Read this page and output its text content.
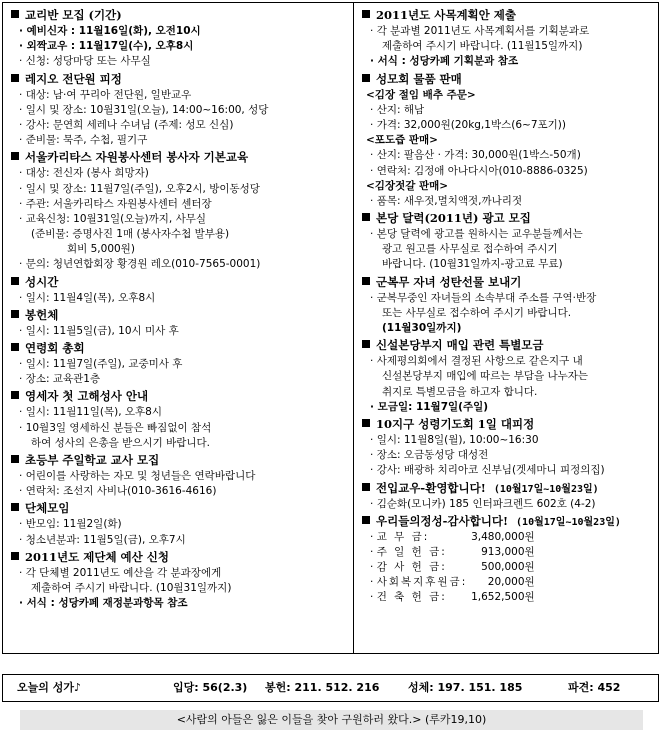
교리반 모집 (기간)
· 예비신자 : 11월16일(화), 오전10시
· 외짝교우 : 11월17일(수), 오후8시
· 신청: 성당마당 또는 사무실
레지오 전단원 피정
· 대상: 남·여 꾸리아 전단원, 일반교우
· 일시 및 장소: 10월31일(오늘), 14:00~16:00, 성당
· 강사: 문연희 세레나 수녀님 (주제: 성모 신심)
· 준비물: 묵주, 수첩, 필기구
서울카리타스 자원봉사센터 봉사자 기본교육
· 대상: 전신자 (봉사 희망자)
· 일시 및 장소: 11월7일(주일), 오후2시, 방이동성당
· 주관: 서울카리타스 자원봉사센터 센터장
· 교육신청: 10월31일(오늘)까지, 사무실
(준비물: 증명사진 1매 (봉사자수첩 발부용)
회비 5,000원)
· 문의: 청년연합회장 황경원 레오(010-7565-0001)
성시간
· 일시: 11월4일(목), 오후8시
봉헌체
· 일시: 11월5일(금), 10시 미사 후
연령회 총회
· 일시: 11월7일(주일), 교중미사 후
· 장소: 교육관1층
영세자 첫 고해성사 안내
· 일시: 11월11일(목), 오후8시
· 10월3일 영세하신 분들은 빠짐없이 참석
하여 성사의 은총을 받으시기 바랍니다.
초등부 주일학교 교사 모집
· 어린이를 사랑하는 자모 및 청년들은 연락바랍니다
· 연락처: 조선지 사비나(010-3616-4616)
단체모임
· 반모임: 11월2일(화)
· 청소년분과: 11월5일(금), 오후7시
2011년도 제단체 예산 신청
· 각 단체별 2011년도 예산을 각 분과장에게
제출하여 주시기 바랍니다. (10월31일까지)
· 서식 : 성당카페 재정분과항목 참조
2011년도 사목계획안 제출
· 각 분과별 2011년도 사목계획서를 기획분과로
제출하여 주시기 바랍니다. (11월15일까지)
· 서식 : 성당카페 기획분과 참조
성모회 물품 판매
<김장 절임 배추 주문>
· 산지: 해남
· 가격: 32,000원(20kg,1박스(6~7포기))
<포도즙 판매>
· 산지: 팔음산 · 가격: 30,000원(1박스-50개)
· 연락처: 김정애 아나다시아(010-8886-0325)
<김장젓갈 판매>
· 품목: 새우젓,멸치액젓,까나리젓
본당 달력(2011년) 광고 모집
· 본당 달력에 광고를 원하시는 교우분들께서는
광고 원고를 사무실로 접수하여 주시기
바랍니다. (10월31일까지-광고료 무료)
군복무 자녀 성탄선물 보내기
· 군복무중인 자녀들의 소속부대 주소를 구역·반장
또는 사무실로 접수하여 주시기 바랍니다.
(11월30일까지)
신설본당부지 매입 관련 특별모금
· 사제평의회에서 결정된 사항으로 같은지구 내
신설본당부지 매입에 따르는 부담을 나누자는
취지로 특별모금을 하고자 합니다.
· 모금일: 11월7일(주일)
10지구 성령기도회 1일 대피정
· 일시: 11월8일(월), 10:00~16:30
· 장소: 오금동성당 대성전
· 강사: 배광하 치리아코 신부님(겟세마니 피정의집)
전입교우-환영합니다! (10월17일~10월23일)
· 김순화(모니카) 185 인터파크렌드 602호 (4-2)
우리들의정성-감사합니다! (10월17일~10월23일)
· 교 무 금:	3,480,000원
· 주 일 헌 금:	913,000원
· 감 사 헌 금:	500,000원
· 사회복지후원금: 20,000원
· 건 축 헌 금: 1,652,500원
오늘의 성가♪	입당: 56(2.3) 봉헌: 211. 512. 216	성체: 197. 151. 185	파견: 452
<사람의 아들은 잃은 이들을 찾아 구원하러 왔다.> (루카19,10)
